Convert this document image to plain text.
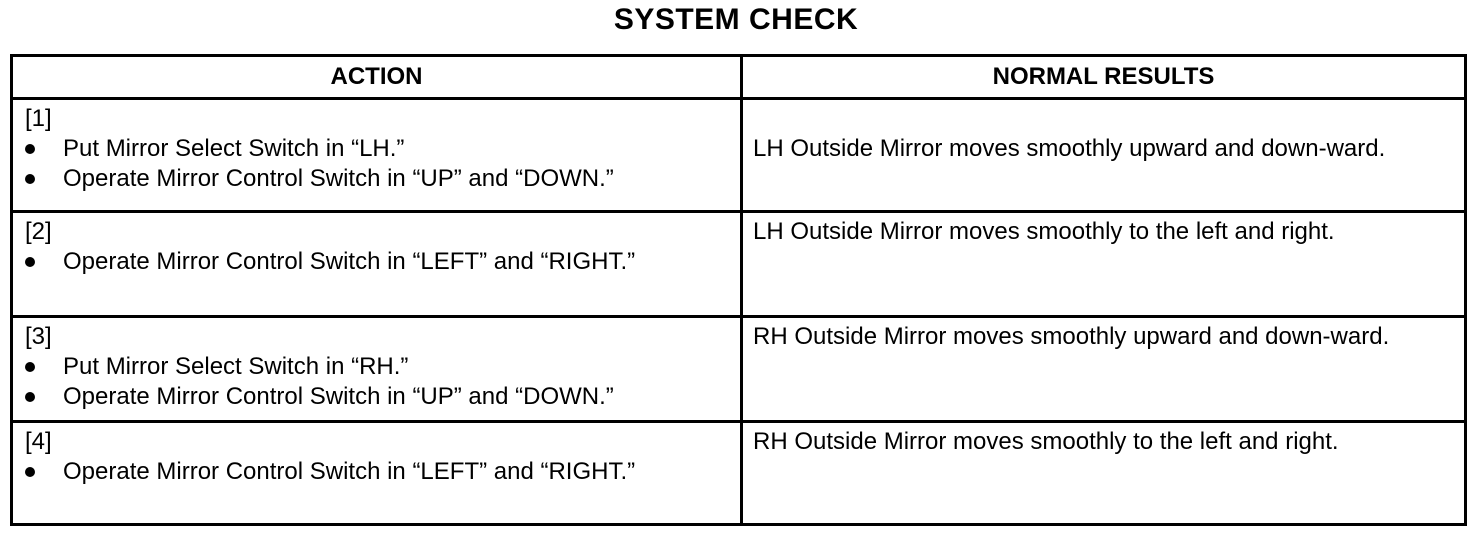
SYSTEM CHECK
ACTION	NORMAL RESULTS

[1]
Put Mirror Select Switch in “LH.”
Operate Mirror Control Switch in “UP” and “DOWN.”	LH Outside Mirror moves smoothly upward and down-ward.

[2]
Operate Mirror Control Switch in “LEFT” and “RIGHT.”	LH Outside Mirror moves smoothly to the left and right.

[3]
Put Mirror Select Switch in “RH.”
Operate Mirror Control Switch in “UP” and “DOWN.”	RH Outside Mirror moves smoothly upward and down-ward.

[4]
Operate Mirror Control Switch in “LEFT” and “RIGHT.”	RH Outside Mirror moves smoothly to the left and right.
